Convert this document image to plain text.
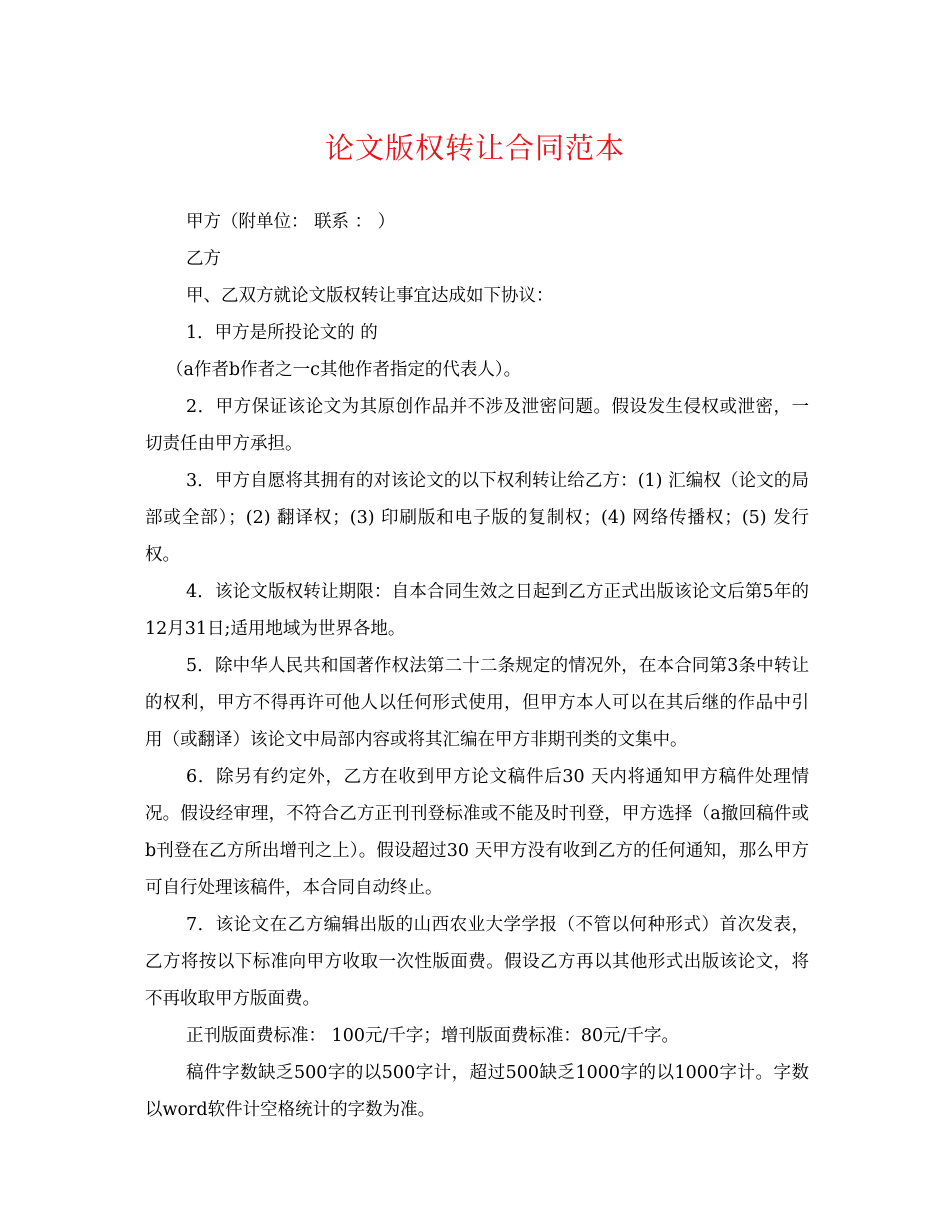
论文版权转让合同范本

甲方（附单位： 联系 ： ）

乙方

甲、乙双方就论文版权转让事宜达成如下协议：

1．甲方是所投论文的 的

（a作者b作者之一c其他作者指定的代表人）。

2．甲方保证该论文为其原创作品并不涉及泄密问题。假设发生侵权或泄密，一切责任由甲方承担。

3．甲方自愿将其拥有的对该论文的以下权利转让给乙方：(1) 汇编权（论文的局部或全部）；(2) 翻译权；(3) 印刷版和电子版的复制权；(4) 网络传播权；(5) 发行权。

4．该论文版权转让期限：自本合同生效之日起到乙方正式出版该论文后第5年的12月31日;适用地域为世界各地。

5．除中华人民共和国著作权法第二十二条规定的情况外，在本合同第3条中转让的权利，甲方不得再许可他人以任何形式使用，但甲方本人可以在其后继的作品中引用（或翻译）该论文中局部内容或将其汇编在甲方非期刊类的文集中。

6．除另有约定外，乙方在收到甲方论文稿件后30 天内将通知甲方稿件处理情况。假设经审理，不符合乙方正刊刊登标准或不能及时刊登，甲方选择（a撤回稿件或b刊登在乙方所出增刊之上）。假设超过30 天甲方没有收到乙方的任何通知，那么甲方可自行处理该稿件，本合同自动终止。

7．该论文在乙方编辑出版的山西农业大学学报（不管以何种形式）首次发表，乙方将按以下标准向甲方收取一次性版面费。假设乙方再以其他形式出版该论文，将不再收取甲方版面费。

正刊版面费标准： 100元/千字；增刊版面费标准：80元/千字。

稿件字数缺乏500字的以500字计，超过500缺乏1000字的以1000字计。字数以word软件计空格统计的字数为准。
